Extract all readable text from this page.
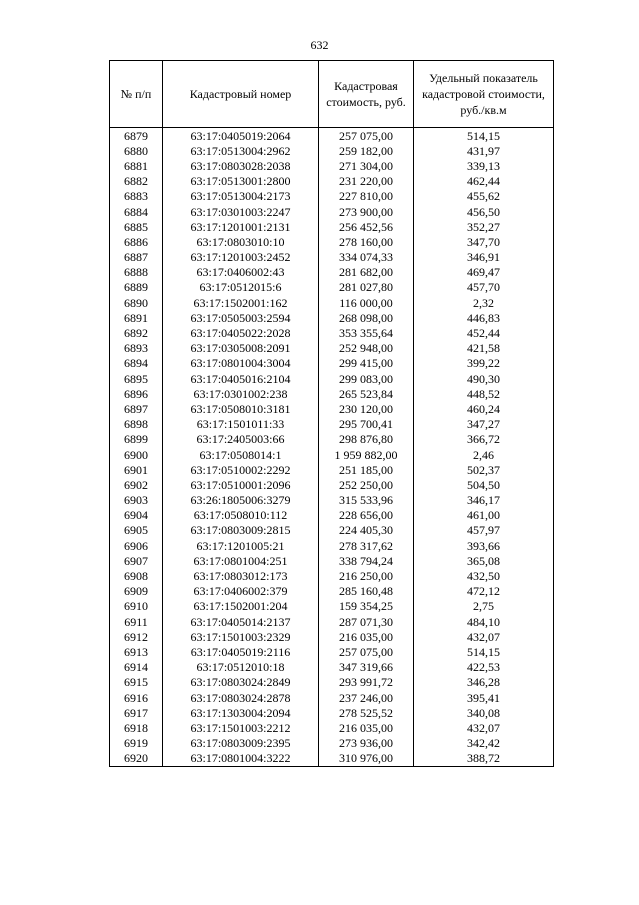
632
№ п/п	Кадастровый номер	Кадастровая стоимость, руб.	Удельный показатель кадастровой стоимости, руб./кв.м
6879	63:17:0405019:2064	257 075,00	514,15
6880	63:17:0513004:2962	259 182,00	431,97
6881	63:17:0803028:2038	271 304,00	339,13
6882	63:17:0513001:2800	231 220,00	462,44
6883	63:17:0513004:2173	227 810,00	455,62
6884	63:17:0301003:2247	273 900,00	456,50
6885	63:17:1201001:2131	256 452,56	352,27
6886	63:17:0803010:10	278 160,00	347,70
6887	63:17:1201003:2452	334 074,33	346,91
6888	63:17:0406002:43	281 682,00	469,47
6889	63:17:0512015:6	281 027,80	457,70
6890	63:17:1502001:162	116 000,00	2,32
6891	63:17:0505003:2594	268 098,00	446,83
6892	63:17:0405022:2028	353 355,64	452,44
6893	63:17:0305008:2091	252 948,00	421,58
6894	63:17:0801004:3004	299 415,00	399,22
6895	63:17:0405016:2104	299 083,00	490,30
6896	63:17:0301002:238	265 523,84	448,52
6897	63:17:0508010:3181	230 120,00	460,24
6898	63:17:1501011:33	295 700,41	347,27
6899	63:17:2405003:66	298 876,80	366,72
6900	63:17:0508014:1	1 959 882,00	2,46
6901	63:17:0510002:2292	251 185,00	502,37
6902	63:17:0510001:2096	252 250,00	504,50
6903	63:26:1805006:3279	315 533,96	346,17
6904	63:17:0508010:112	228 656,00	461,00
6905	63:17:0803009:2815	224 405,30	457,97
6906	63:17:1201005:21	278 317,62	393,66
6907	63:17:0801004:251	338 794,24	365,08
6908	63:17:0803012:173	216 250,00	432,50
6909	63:17:0406002:379	285 160,48	472,12
6910	63:17:1502001:204	159 354,25	2,75
6911	63:17:0405014:2137	287 071,30	484,10
6912	63:17:1501003:2329	216 035,00	432,07
6913	63:17:0405019:2116	257 075,00	514,15
6914	63:17:0512010:18	347 319,66	422,53
6915	63:17:0803024:2849	293 991,72	346,28
6916	63:17:0803024:2878	237 246,00	395,41
6917	63:17:1303004:2094	278 525,52	340,08
6918	63:17:1501003:2212	216 035,00	432,07
6919	63:17:0803009:2395	273 936,00	342,42
6920	63:17:0801004:3222	310 976,00	388,72
